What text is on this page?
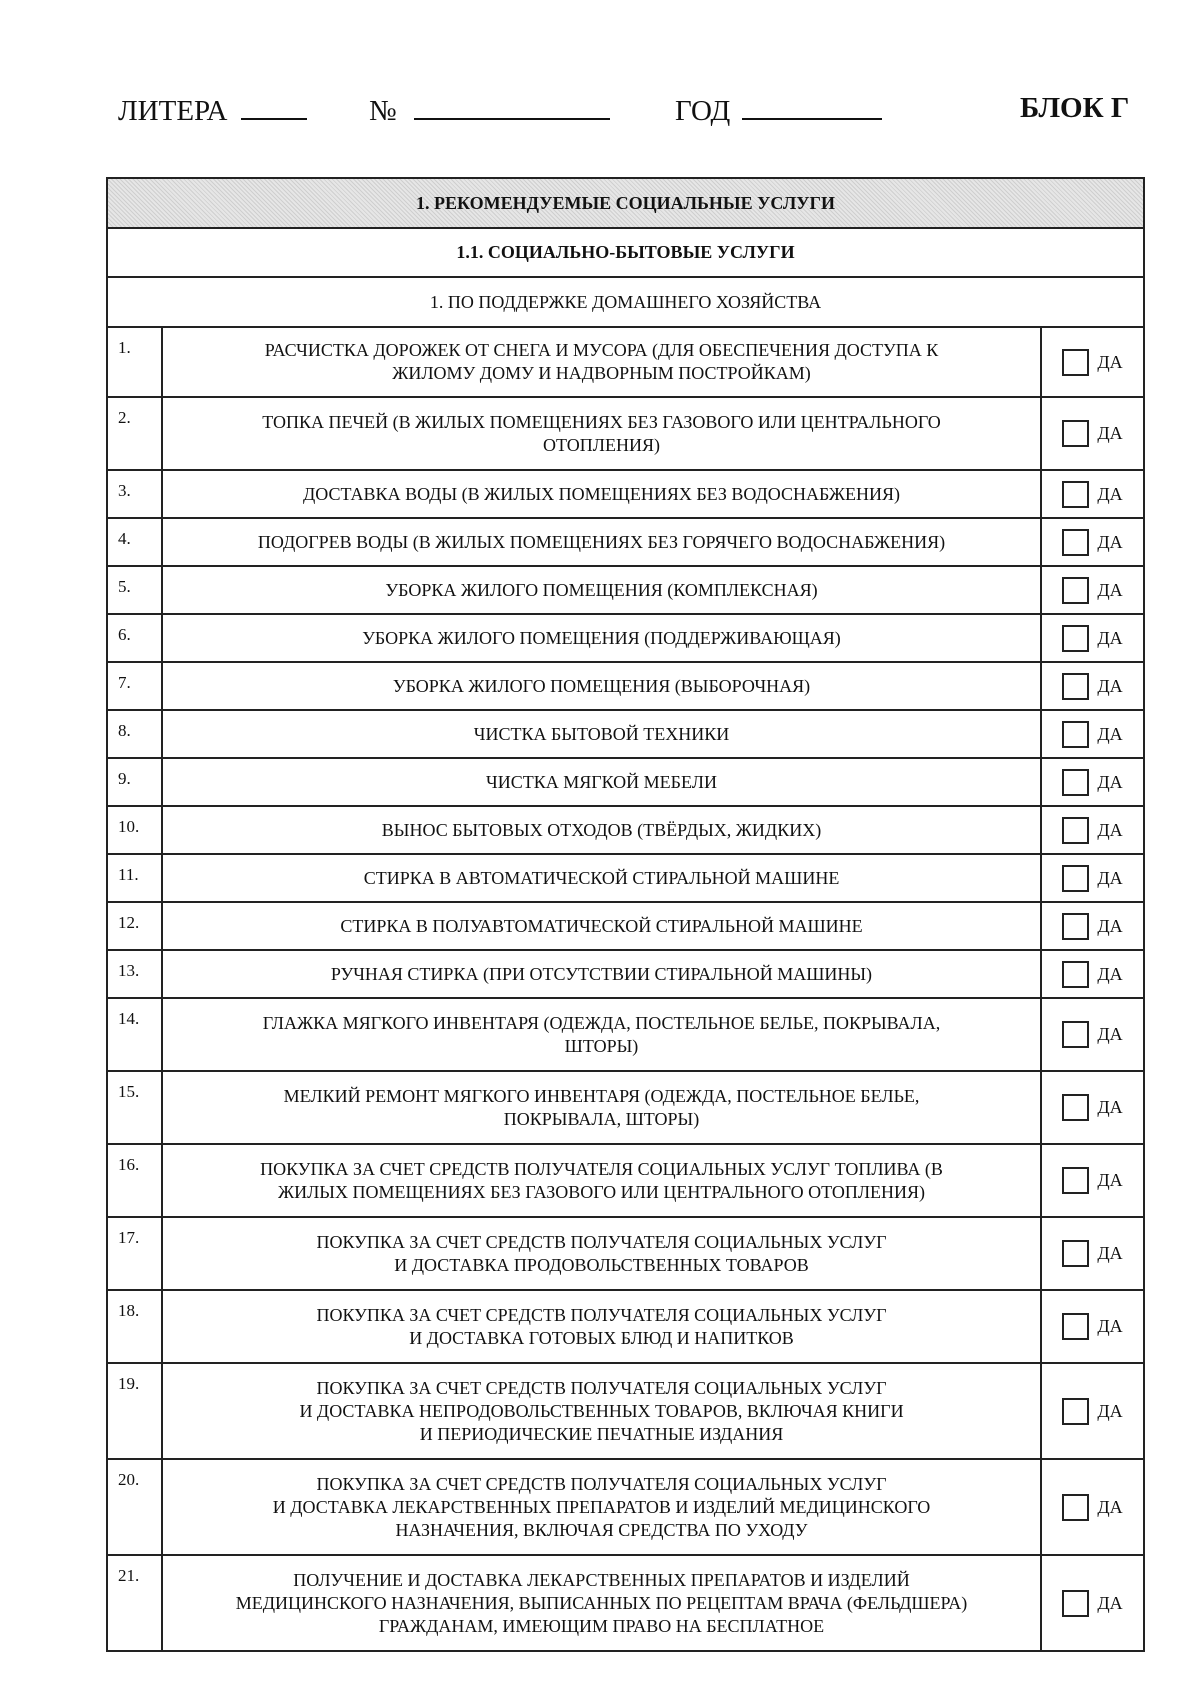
ЛИТЕРА	№	ГОД	БЛОК Г
1. РЕКОМЕНДУЕМЫЕ СОЦИАЛЬНЫЕ УСЛУГИ
1.1. СОЦИАЛЬНО-БЫТОВЫЕ УСЛУГИ
1. ПО ПОДДЕРЖКЕ ДОМАШНЕГО ХОЗЯЙСТВА
1.	РАСЧИСТКА ДОРОЖЕК ОТ СНЕГА И МУСОРА (ДЛЯ ОБЕСПЕЧЕНИЯ ДОСТУПА К
ЖИЛОМУ ДОМУ И НАДВОРНЫМ ПОСТРОЙКАМ)
ДА
2.	ТОПКА ПЕЧЕЙ (В ЖИЛЫХ ПОМЕЩЕНИЯХ БЕЗ ГАЗОВОГО ИЛИ ЦЕНТРАЛЬНОГО
ОТОПЛЕНИЯ)
ДА
3.	ДОСТАВКА ВОДЫ (В ЖИЛЫХ ПОМЕЩЕНИЯХ БЕЗ ВОДОСНАБЖЕНИЯ)	ДА
4.	ПОДОГРЕВ ВОДЫ (В ЖИЛЫХ ПОМЕЩЕНИЯХ БЕЗ ГОРЯЧЕГО ВОДОСНАБЖЕНИЯ)	ДА
5.	УБОРКА ЖИЛОГО ПОМЕЩЕНИЯ (КОМПЛЕКСНАЯ)	ДА
6.	УБОРКА ЖИЛОГО ПОМЕЩЕНИЯ (ПОДДЕРЖИВАЮЩАЯ)	ДА
7.	УБОРКА ЖИЛОГО ПОМЕЩЕНИЯ (ВЫБОРОЧНАЯ)	ДА
8.	ЧИСТКА БЫТОВОЙ ТЕХНИКИ	ДА
9.	ЧИСТКА МЯГКОЙ МЕБЕЛИ	ДА
10.	ВЫНОС БЫТОВЫХ ОТХОДОВ (ТВЁРДЫХ, ЖИДКИХ)	ДА
11.	СТИРКА В АВТОМАТИЧЕСКОЙ СТИРАЛЬНОЙ МАШИНЕ	ДА
12.	СТИРКА В ПОЛУАВТОМАТИЧЕСКОЙ СТИРАЛЬНОЙ МАШИНЕ	ДА
13.	РУЧНАЯ СТИРКА (ПРИ ОТСУТСТВИИ СТИРАЛЬНОЙ МАШИНЫ)	ДА
14.	ГЛАЖКА МЯГКОГО ИНВЕНТАРЯ (ОДЕЖДА, ПОСТЕЛЬНОЕ БЕЛЬЕ, ПОКРЫВАЛА,
ШТОРЫ)
ДА
15.	МЕЛКИЙ РЕМОНТ МЯГКОГО ИНВЕНТАРЯ (ОДЕЖДА, ПОСТЕЛЬНОЕ БЕЛЬЕ,
ПОКРЫВАЛА, ШТОРЫ)
ДА
16.	ПОКУПКА ЗА СЧЕТ СРЕДСТВ ПОЛУЧАТЕЛЯ СОЦИАЛЬНЫХ УСЛУГ ТОПЛИВА (В
ЖИЛЫХ ПОМЕЩЕНИЯХ БЕЗ ГАЗОВОГО ИЛИ ЦЕНТРАЛЬНОГО ОТОПЛЕНИЯ)
ДА
17.	ПОКУПКА ЗА СЧЕТ СРЕДСТВ ПОЛУЧАТЕЛЯ СОЦИАЛЬНЫХ УСЛУГ
И ДОСТАВКА ПРОДОВОЛЬСТВЕННЫХ ТОВАРОВ
ДА
18.	ПОКУПКА ЗА СЧЕТ СРЕДСТВ ПОЛУЧАТЕЛЯ СОЦИАЛЬНЫХ УСЛУГ
И ДОСТАВКА ГОТОВЫХ БЛЮД И НАПИТКОВ
ДА
19.	ПОКУПКА ЗА СЧЕТ СРЕДСТВ ПОЛУЧАТЕЛЯ СОЦИАЛЬНЫХ УСЛУГ
И ДОСТАВКА НЕПРОДОВОЛЬСТВЕННЫХ ТОВАРОВ, ВКЛЮЧАЯ КНИГИ
И ПЕРИОДИЧЕСКИЕ ПЕЧАТНЫЕ ИЗДАНИЯ
ДА
20.	ПОКУПКА ЗА СЧЕТ СРЕДСТВ ПОЛУЧАТЕЛЯ СОЦИАЛЬНЫХ УСЛУГ
И ДОСТАВКА ЛЕКАРСТВЕННЫХ ПРЕПАРАТОВ И ИЗДЕЛИЙ МЕДИЦИНСКОГО
НАЗНАЧЕНИЯ, ВКЛЮЧАЯ СРЕДСТВА ПО УХОДУ
ДА
21.	ПОЛУЧЕНИЕ И ДОСТАВКА ЛЕКАРСТВЕННЫХ ПРЕПАРАТОВ И ИЗДЕЛИЙ
МЕДИЦИНСКОГО НАЗНАЧЕНИЯ, ВЫПИСАННЫХ ПО РЕЦЕПТАМ ВРАЧА (ФЕЛЬДШЕРА)
ГРАЖДАНАМ, ИМЕЮЩИМ ПРАВО НА БЕСПЛАТНОЕ
ДА
